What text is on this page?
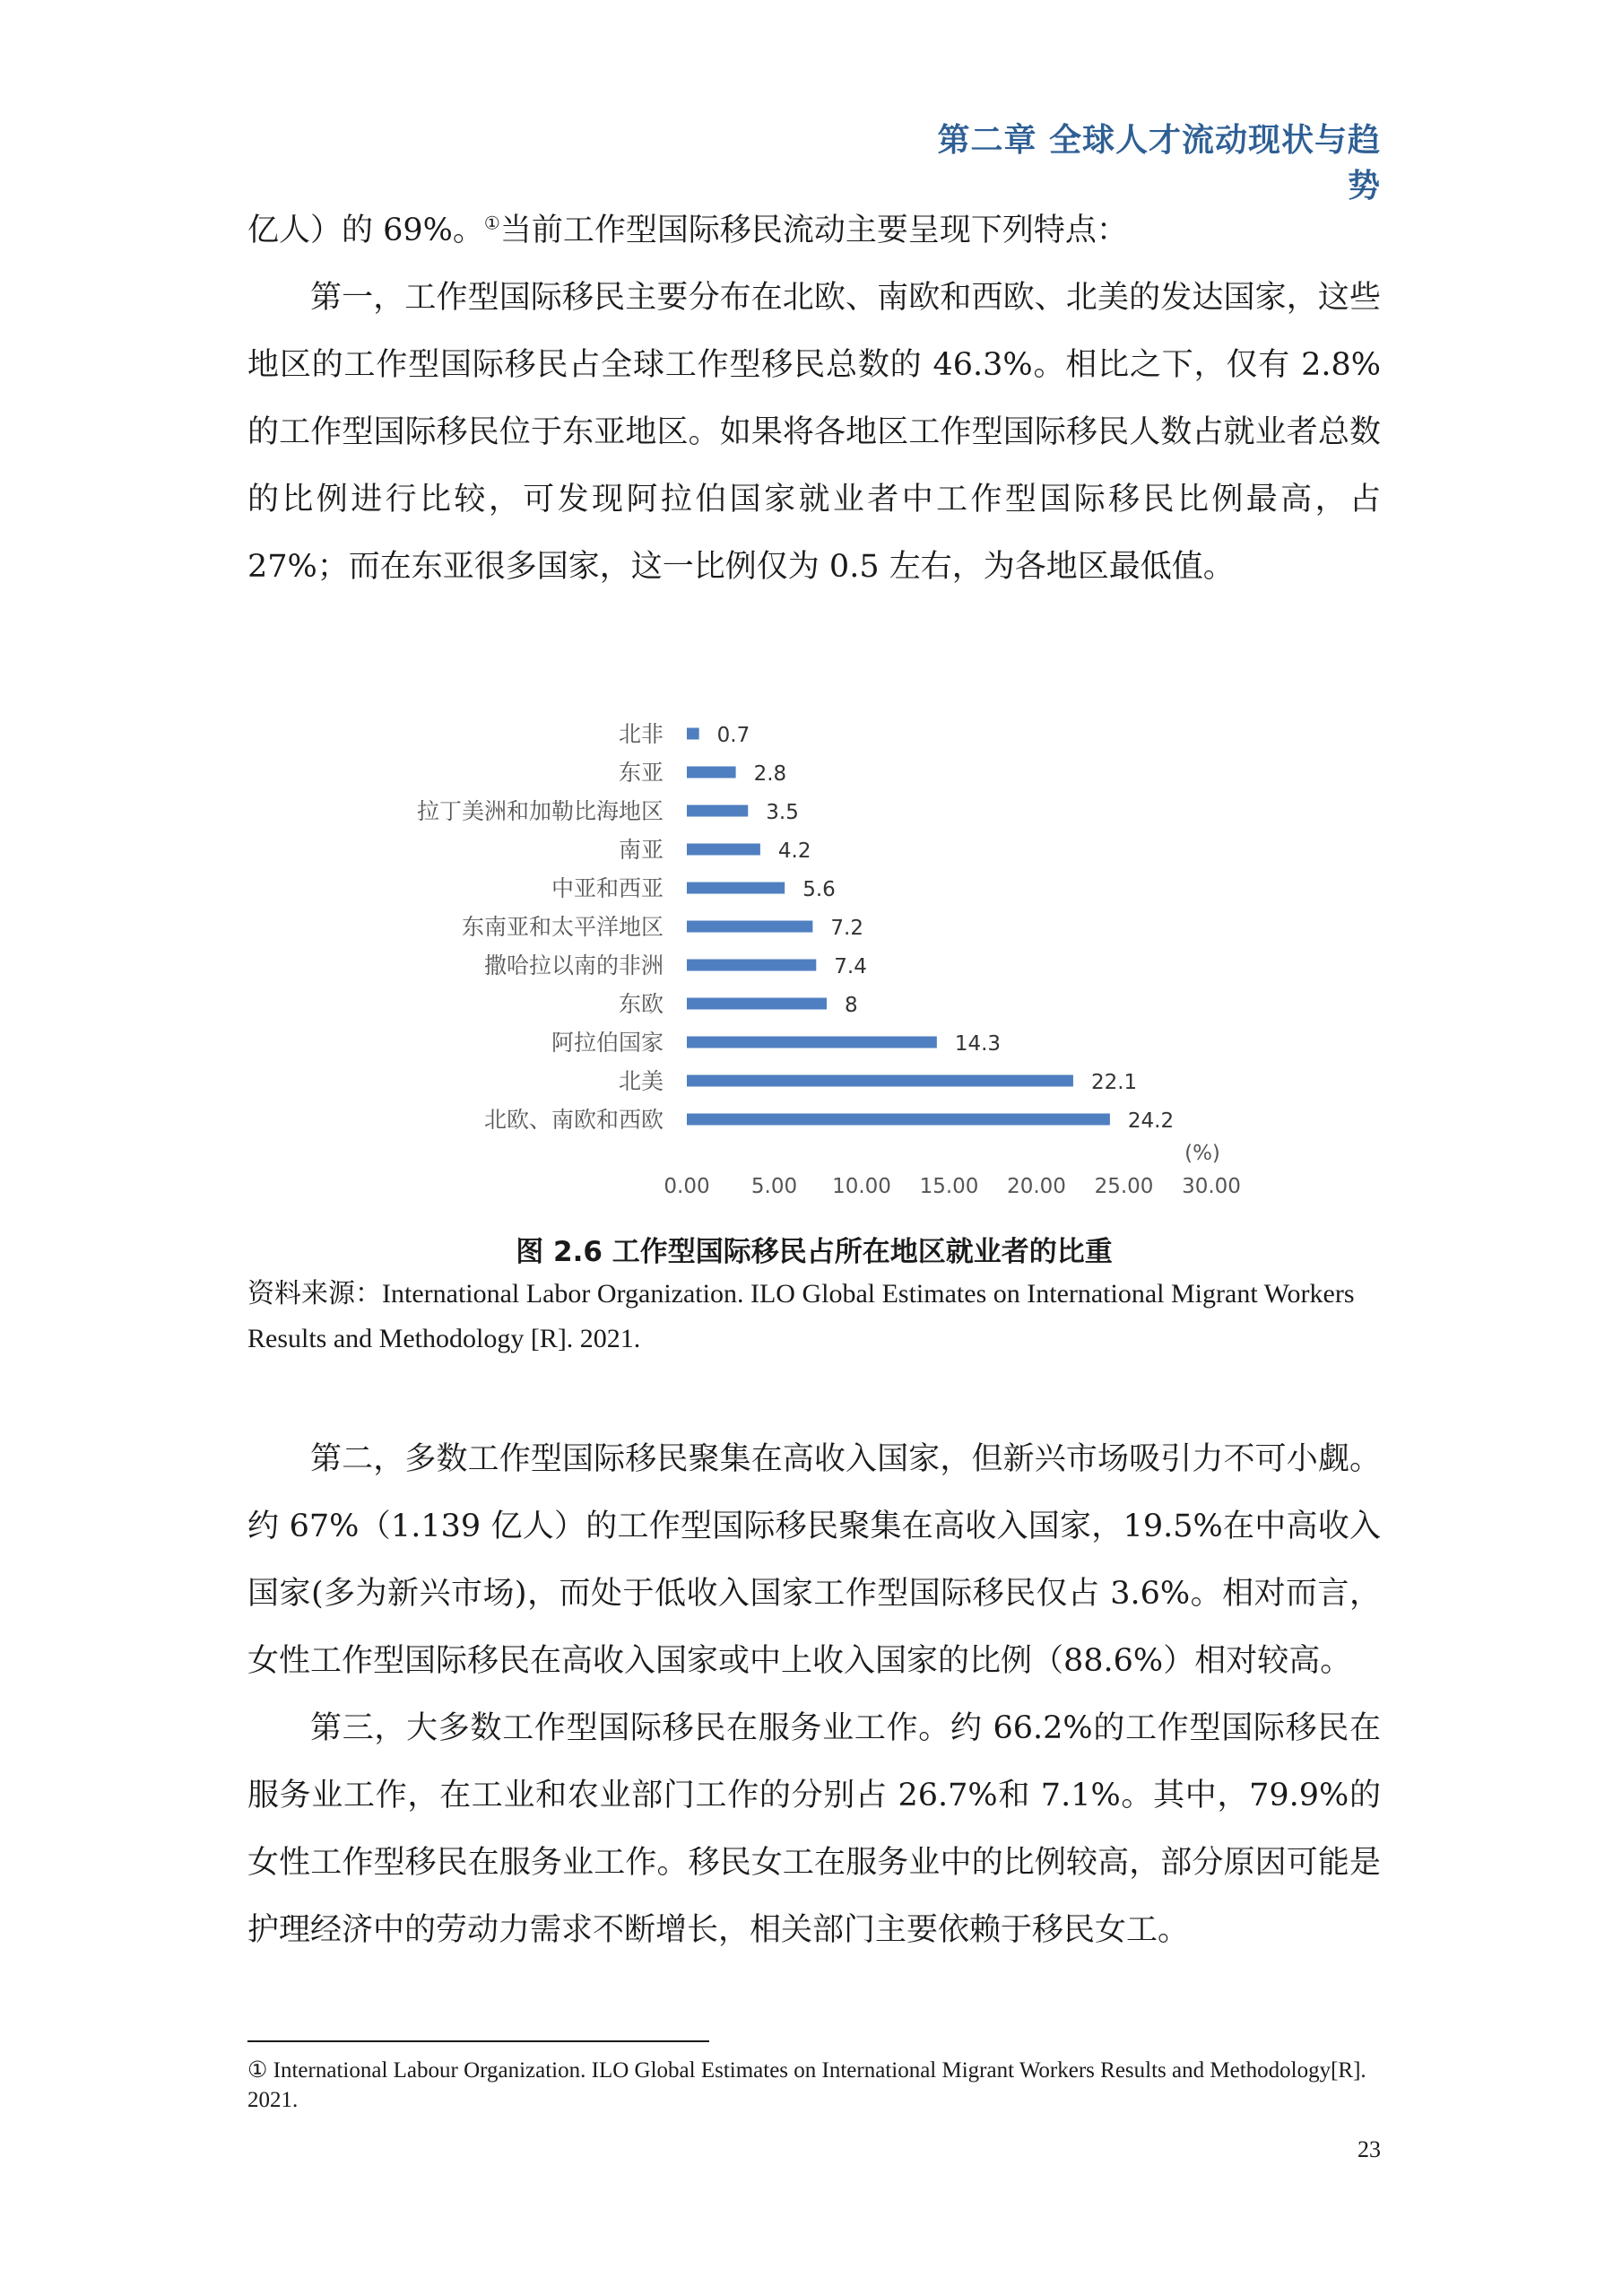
第二章 全球人才流动现状与趋势

亿人）的 69%。①当前工作型国际移民流动主要呈现下列特点：

第一，工作型国际移民主要分布在北欧、南欧和西欧、北美的发达国家，这些地区的工作型国际移民占全球工作型移民总数的 46.3%。相比之下，仅有 2.8% 的工作型国际移民位于东亚地区。如果将各地区工作型国际移民人数占就业者总数的比例进行比较，可发现阿拉伯国家就业者中工作型国际移民比例最高，占 27%；而在东亚很多国家，这一比例仅为 0.5 左右，为各地区最低值。

北非	0.7
东亚	2.8
拉丁美洲和加勒比海地区	3.5
南亚	4.2
中亚和西亚	5.6
东南亚和太平洋地区	7.2
撒哈拉以南的非洲	7.4
东欧	8
阿拉伯国家	14.3
北美	22.1
北欧、南欧和西欧	24.2
0.00 5.00 10.00 15.00 20.00 25.00 30.00
(%)
图 2.6 工作型国际移民占所在地区就业者的比重
资料来源：International Labor Organization. ILO Global Estimates on International Migrant Workers Results and Methodology [R]. 2021.

第二，多数工作型国际移民聚集在高收入国家，但新兴市场吸引力不可小觑。约 67%（1.139 亿人）的工作型国际移民聚集在高收入国家，19.5%在中高收入国家(多为新兴市场)，而处于低收入国家工作型国际移民仅占 3.6%。相对而言，女性工作型国际移民在高收入国家或中上收入国家的比例（88.6%）相对较高。

第三，大多数工作型国际移民在服务业工作。约 66.2%的工作型国际移民在服务业工作，在工业和农业部门工作的分别占 26.7%和 7.1%。其中，79.9%的女性工作型移民在服务业工作。移民女工在服务业中的比例较高，部分原因可能是护理经济中的劳动力需求不断增长，相关部门主要依赖于移民女工。

① International Labour Organization. ILO Global Estimates on International Migrant Workers Results and Methodology[R]. 2021.
23
